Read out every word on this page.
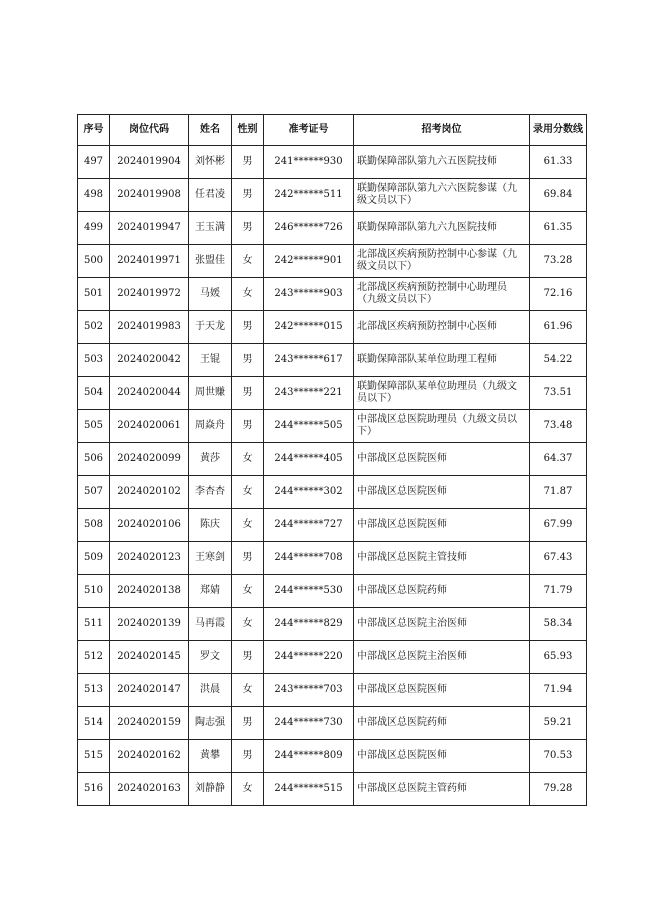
序号	岗位代码	姓名	性别	准考证号	招考岗位	录用分数线
497	2024019904	刘怀彬	男	241******930	联勤保障部队第九六五医院技师	61.33
498	2024019908	任君凌	男	242******511	联勤保障部队第九六六医院参谋（九级文员以下）	69.84
499	2024019947	王玉满	男	246******726	联勤保障部队第九六九医院技师	61.35
500	2024019971	张盟佳	女	242******901	北部战区疾病预防控制中心参谋（九级文员以下）	73.28
501	2024019972	马媛	女	243******903	北部战区疾病预防控制中心助理员（九级文员以下）	72.16
502	2024019983	于天龙	男	242******015	北部战区疾病预防控制中心医师	61.96
503	2024020042	王锟	男	243******617	联勤保障部队某单位助理工程师	54.22
504	2024020044	周世赚	男	243******221	联勤保障部队某单位助理员（九级文员以下）	73.51
505	2024020061	周焱舟	男	244******505	中部战区总医院助理员（九级文员以下）	73.48
506	2024020099	黄莎	女	244******405	中部战区总医院医师	64.37
507	2024020102	李杏杏	女	244******302	中部战区总医院医师	71.87
508	2024020106	陈庆	女	244******727	中部战区总医院医师	67.99
509	2024020123	王寒剑	男	244******708	中部战区总医院主管技师	67.43
510	2024020138	郑婧	女	244******530	中部战区总医院药师	71.79
511	2024020139	马再霞	女	244******829	中部战区总医院主治医师	58.34
512	2024020145	罗文	男	244******220	中部战区总医院主治医师	65.93
513	2024020147	洪晨	女	243******703	中部战区总医院医师	71.94
514	2024020159	陶志强	男	244******730	中部战区总医院药师	59.21
515	2024020162	黄攀	男	244******809	中部战区总医院医师	70.53
516	2024020163	刘静静	女	244******515	中部战区总医院主管药师	79.28
